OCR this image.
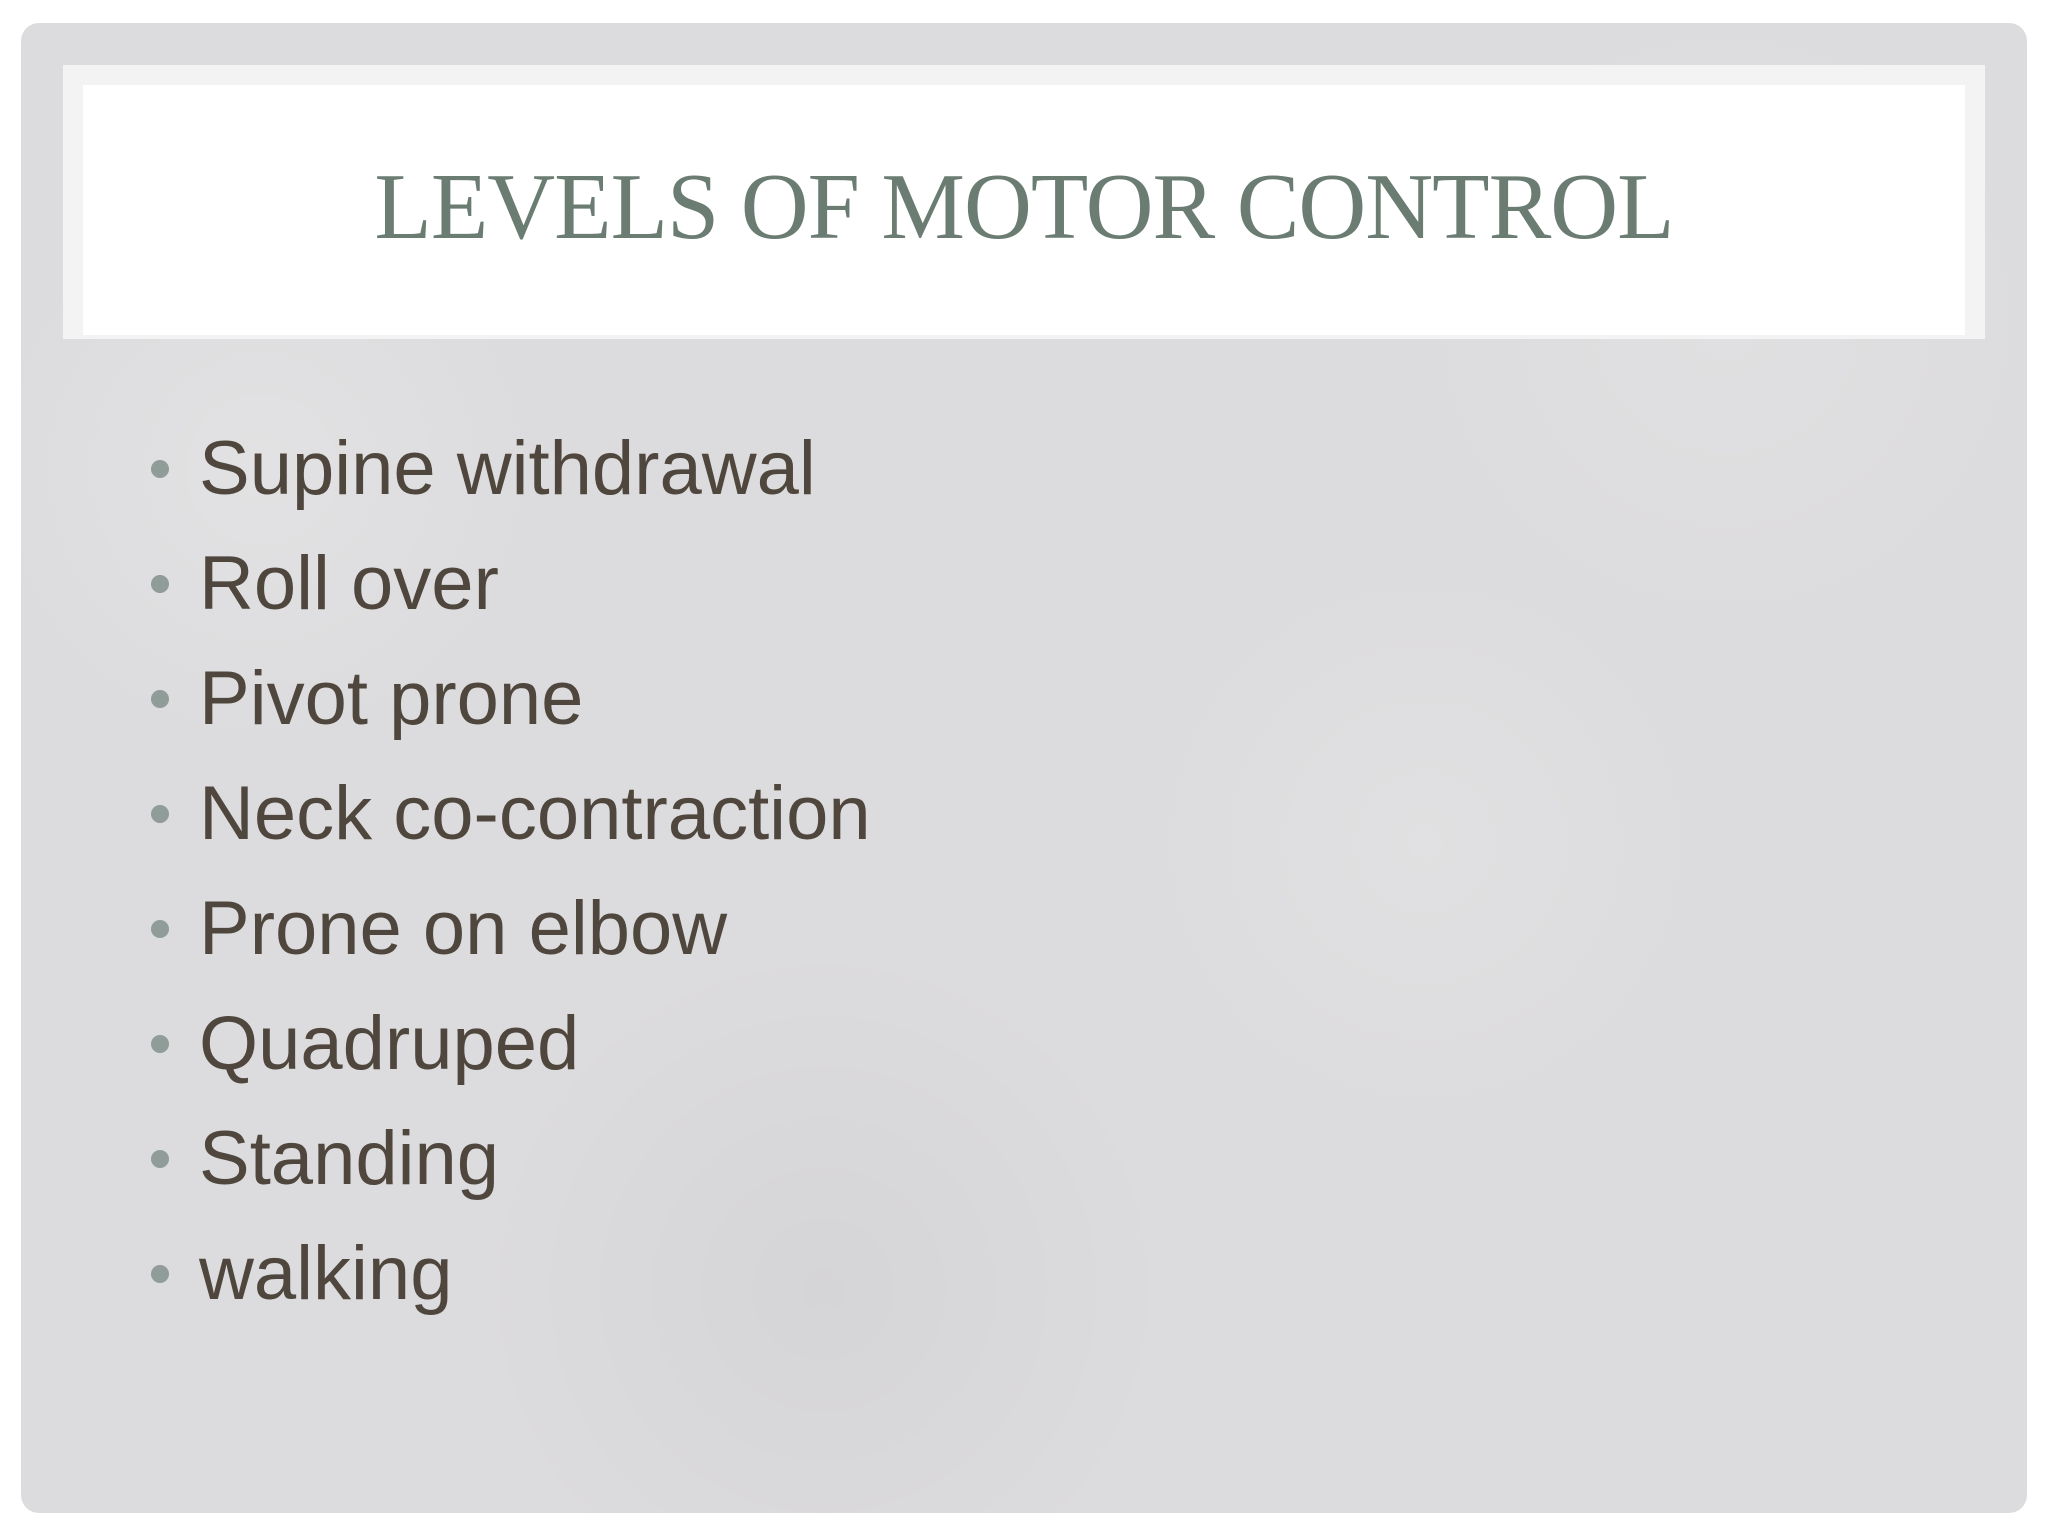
LEVELS OF MOTOR CONTROL
Supine withdrawal
Roll over
Pivot prone
Neck co-contraction
Prone on elbow
Quadruped
Standing
walking
